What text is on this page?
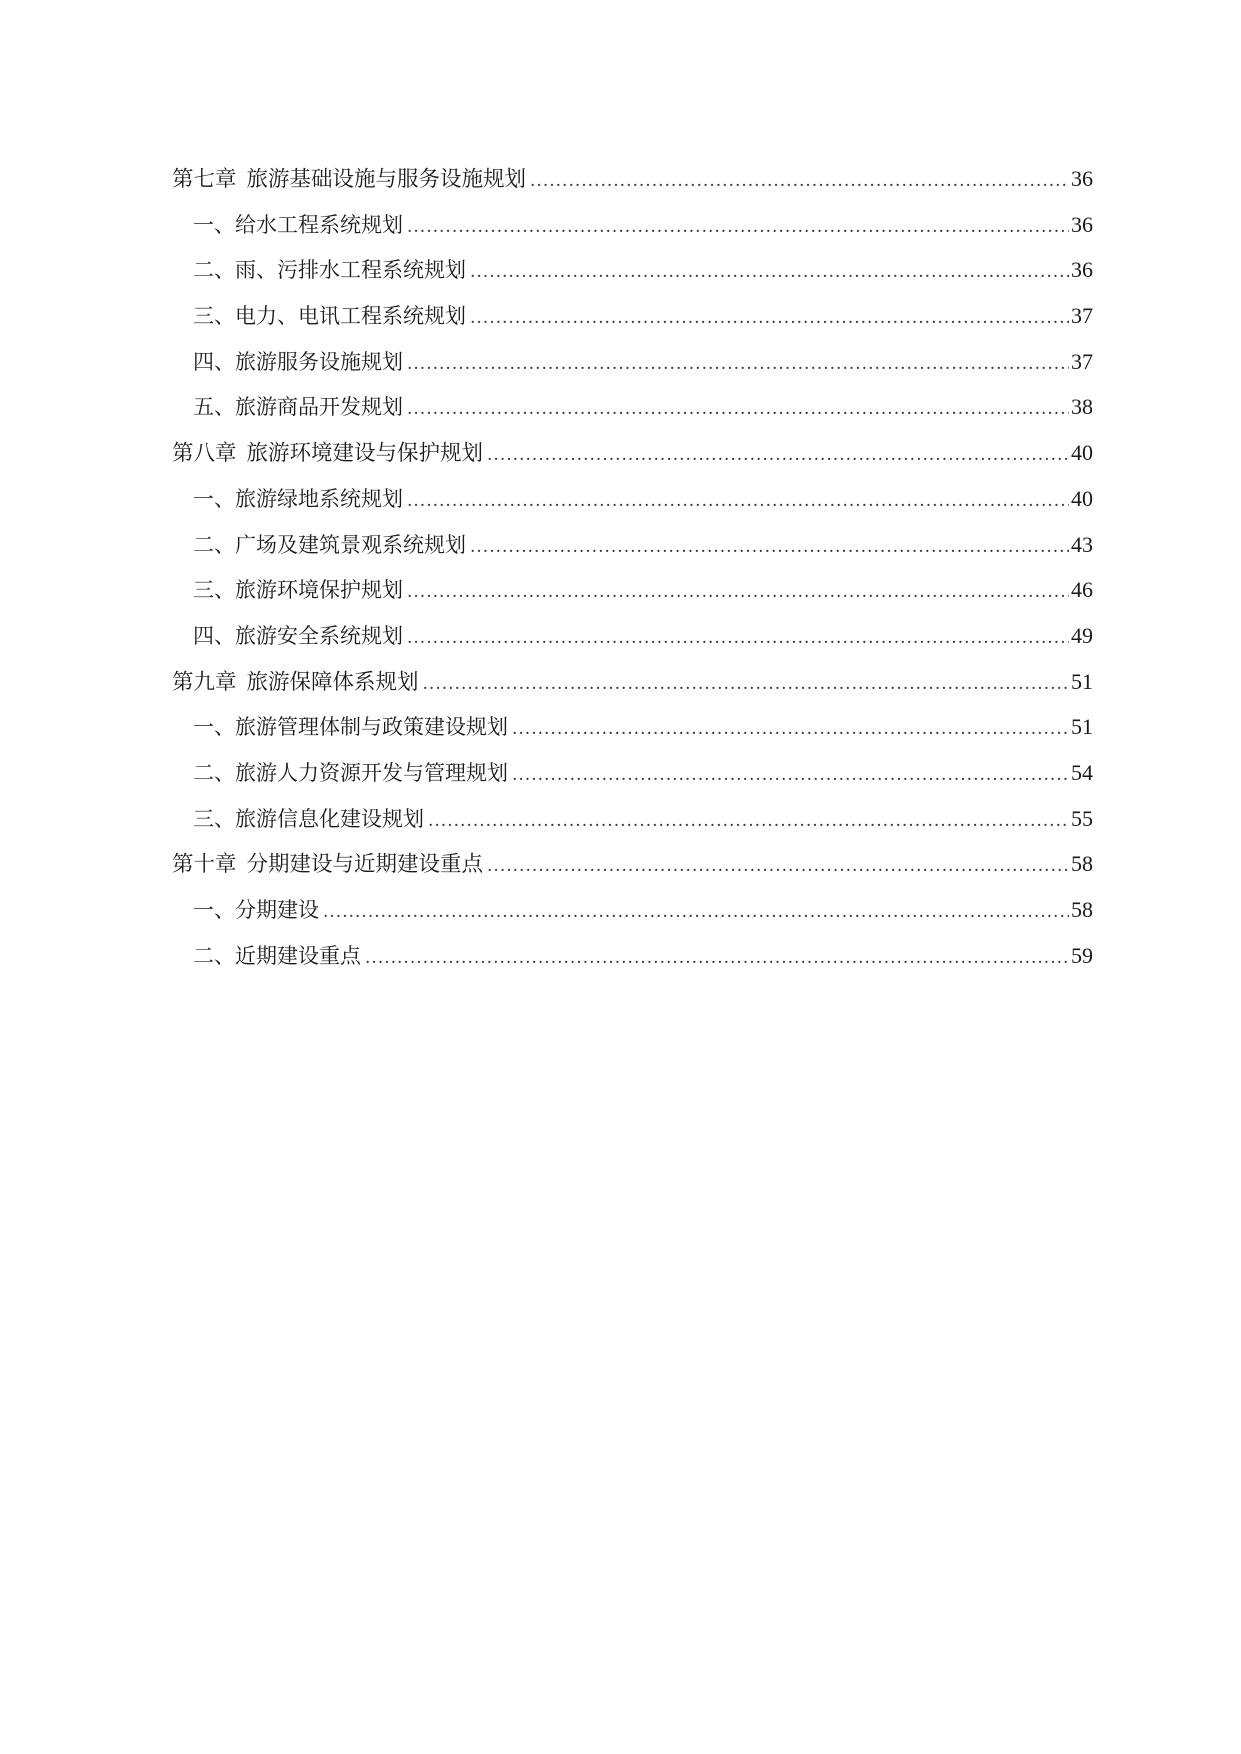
第七章 旅游基础设施与服务设施规划 .....	36
一、给水工程系统规划 .....	36
二、雨、污排水工程系统规划 .....	36
三、电力、电讯工程系统规划 .....	37
四、旅游服务设施规划 .....	37
五、旅游商品开发规划 .....	38
第八章 旅游环境建设与保护规划 .....	40
一、旅游绿地系统规划 .....	40
二、广场及建筑景观系统规划 .....	43
三、旅游环境保护规划 .....	46
四、旅游安全系统规划 .....	49
第九章 旅游保障体系规划 .....	51
一、旅游管理体制与政策建设规划 .....	51
二、旅游人力资源开发与管理规划 .....	54
三、旅游信息化建设规划 .....	55
第十章 分期建设与近期建设重点 .....	58
一、分期建设 .....	58
二、近期建设重点 .....	59
